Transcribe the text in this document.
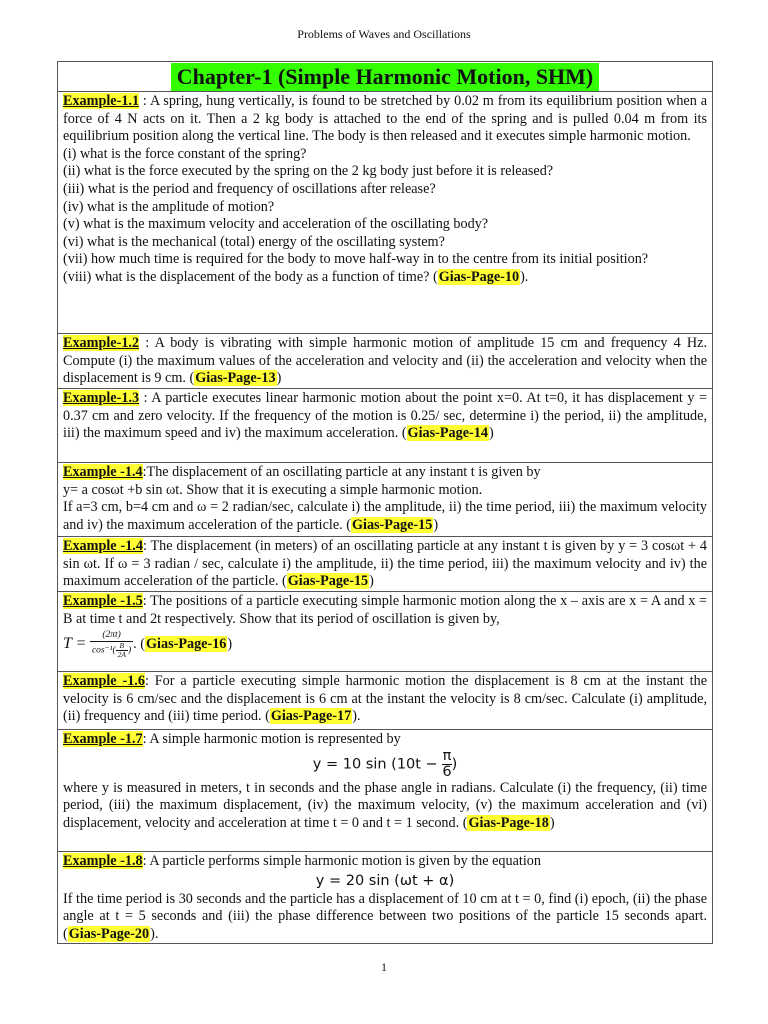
Problems of Waves and Oscillations
Chapter-1 (Simple Harmonic Motion, SHM)
Example-1.1 : A spring, hung vertically, is found to be stretched by 0.02 m from its equilibrium position when a force of 4 N acts on it. Then a 2 kg body is attached to the end of the spring and is pulled 0.04 m from its equilibrium position along the vertical line. The body is then released and it executes simple harmonic motion.
(i) what is the force constant of the spring?
(ii) what is the force executed by the spring on the 2 kg body just before it is released?
(iii) what is the period and frequency of oscillations after release?
(iv) what is the amplitude of motion?
(v) what is the maximum velocity and acceleration of the oscillating body?
(vi) what is the mechanical (total) energy of the oscillating system?
(vii) how much time is required for the body to move half-way in to the centre from its initial position?
(viii) what is the displacement of the body as a function of time? (Gias-Page-10).
Example-1.2 : A body is vibrating with simple harmonic motion of amplitude 15 cm and frequency 4 Hz. Compute (i) the maximum values of the acceleration and velocity and (ii) the acceleration and velocity when the displacement is 9 cm. (Gias-Page-13)
Example-1.3 : A particle executes linear harmonic motion about the point x=0. At t=0, it has displacement y = 0.37 cm and zero velocity. If the frequency of the motion is 0.25/ sec, determine i) the period, ii) the amplitude, iii) the maximum speed and iv) the maximum acceleration. (Gias-Page-14)
Example -1.4:The displacement of an oscillating particle at any instant t is given by
y= a cosωt +b sin ωt. Show that it is executing a simple harmonic motion.
If a=3 cm, b=4 cm and ω = 2 radian/sec, calculate i) the amplitude, ii) the time period, iii) the maximum velocity and iv) the maximum acceleration of the particle. (Gias-Page-15)
Example -1.4: The displacement (in meters) of an oscillating particle at any instant t is given by y = 3 cosωt + 4 sin ωt. If ω = 3 radian / sec, calculate i) the amplitude, ii) the time period, iii) the maximum velocity and iv) the maximum acceleration of the particle. (Gias-Page-15)
Example -1.5: The positions of a particle executing simple harmonic motion along the x – axis are x = A and x = B at time t and 2t respectively. Show that its period of oscillation is given by,
$T = \frac{(2\pi t)}{\cos^{-1}( \frac{B}{2A} )}$ . (Gias-Page-16)
Example -1.6: For a particle executing simple harmonic motion the displacement is 8 cm at the instant the velocity is 6 cm/sec and the displacement is 6 cm at the instant the velocity is 8 cm/sec. Calculate (i) amplitude, (ii) frequency and (iii) time period. (Gias-Page-17).
Example -1.7: A simple harmonic motion is represented by
y = 10 $\sin (10t - \frac{\pi}{6}$ )
where y is measured in meters, t in seconds and the phase angle in radians. Calculate (i) the frequency, (ii) time period, (iii) the maximum displacement, (iv) the maximum velocity, (v) the maximum acceleration and (vi) displacement, velocity and acceleration at time t = 0 and t = 1 second. (Gias-Page-18)
Example -1.8: A particle performs simple harmonic motion is given by the equation
y = 20 sin (ωt + α)
If the time period is 30 seconds and the particle has a displacement of 10 cm at t = 0, find (i) epoch, (ii) the phase angle at t = 5 seconds and (iii) the phase difference between two positions of the particle 15 seconds apart. (Gias-Page-20).
1
